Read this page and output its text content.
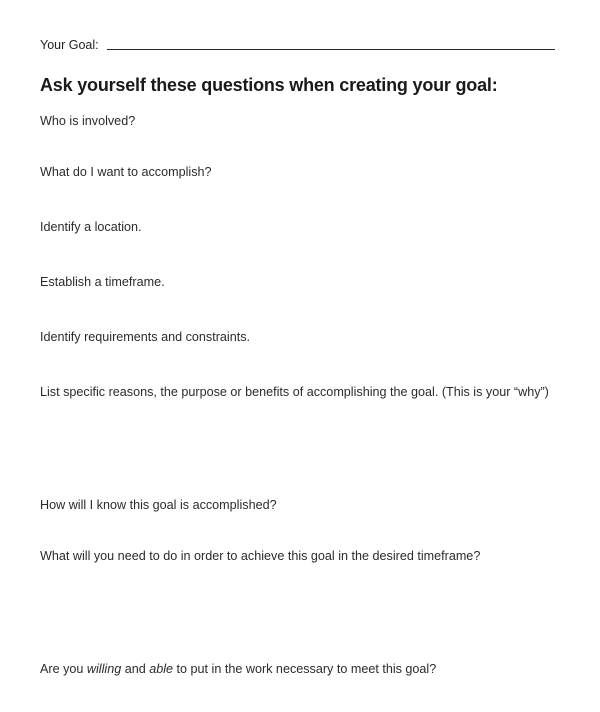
Your Goal:
Ask yourself these questions when creating your goal:

Who is involved?

What do I want to accomplish?

Identify a location.

Establish a timeframe.

Identify requirements and constraints.

List specific reasons, the purpose or benefits of accomplishing the goal. (This is your “why”)

How will I know this goal is accomplished?

What will you need to do in order to achieve this goal in the desired timeframe?

Are you willing and able to put in the work necessary to meet this goal?
